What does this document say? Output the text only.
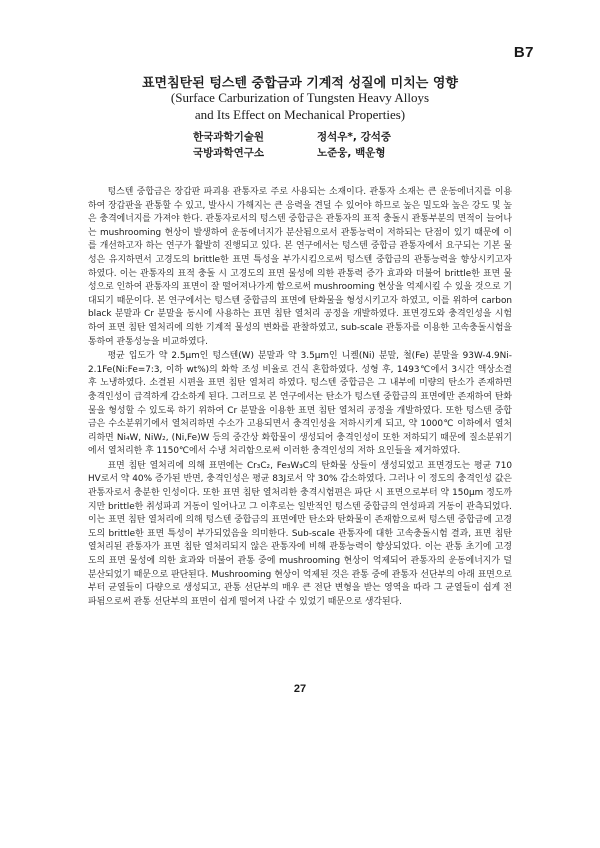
B7
표면침탄된 텅스텐 중합금과 기계적 성질에 미치는 영향
(Surface Carburization of Tungsten Heavy Alloys
and Its Effect on Mechanical Properties)
한국과학기술원	정석우*, 강석중
국방과학연구소	노준웅, 백운형

텅스텐 중합금은 장갑판 파괴용 관통자로 주로 사용되는 소재이다. 관통자 소재는 큰 운동에너지를 이용하여 장갑판을 관통할 수 있고, 발사시 가해지는 큰 응력을 견딜 수 있어야 하므로 높은 밀도와 높은 강도 및 높은 충격에너지를 가져야 한다. 관통자로서의 텅스텐 중합금은 관통자의 표적 충돌시 관통부분의 면적이 늘어나는 mushrooming 현상이 발생하여 운동에너지가 분산됨으로서 관통능력이 저하되는 단점이 있기 때문에 이를 개선하고자 하는 연구가 활발히 진행되고 있다. 본 연구에서는 텅스텐 중합금 관통자에서 요구되는 기본 물성은 유지하면서 고경도의 brittle한 표면 특성을 부가시킴으로써 텅스텐 중합금의 관통능력을 향상시키고자 하였다. 이는 관통자의 표적 충돌 시 고경도의 표면 물성에 의한 관통력 증가 효과와 더불어 brittle한 표면 물성으로 인하여 관통자의 표면이 잘 떨어져나가게 함으로써 mushrooming 현상을 억제시킬 수 있을 것으로 기대되기 때문이다. 본 연구에서는 텅스텐 중합금의 표면에 탄화물을 형성시키고자 하였고, 이를 위하여 carbon black 분말과 Cr 분말을 동시에 사용하는 표면 침탄 열처리 공정을 개발하였다. 표면경도와 충격인성을 시험하여 표면 침탄 열처리에 의한 기계적 물성의 변화를 관찰하였고, sub-scale 관통자를 이용한 고속충돌시험을 통하여 관통성능을 비교하였다.

평균 입도가 약 2.5μm인 텅스텐(W) 분말과 약 3.5μm인 니켈(Ni) 분말, 철(Fe) 분말을 93W-4.9Ni-2.1Fe(Ni:Fe=7:3, 이하 wt%)의 화학 조성 비율로 건식 혼합하였다. 성형 후, 1493℃에서 3시간 액상소결 후 노냉하였다. 소결된 시편을 표면 침탄 열처리 하였다. 텅스텐 중합금은 그 내부에 미량의 탄소가 존재하면 충격인성이 급격하게 감소하게 된다. 그러므로 본 연구에서는 탄소가 텅스텐 중합금의 표면에만 존재하여 탄화물을 형성할 수 있도록 하기 위하여 Cr 분말을 이용한 표면 침탄 열처리 공정을 개발하였다. 또한 텅스텐 중합금은 수소분위기에서 열처리하면 수소가 고용되면서 충격인성을 저하시키게 되고, 약 1000℃ 이하에서 열처리하면 Ni₄W, NiW₂, (Ni,Fe)W 등의 중간상 화합물이 생성되어 충격인성이 또한 저하되기 때문에 질소분위기에서 열처리한 후 1150℃에서 수냉 처리함으로써 이러한 충격인성의 저하 요인들을 제거하였다.

표면 침탄 열처리에 의해 표면에는 Cr₃C₂, Fe₃W₃C의 탄화물 상들이 생성되었고 표면경도는 평균 710 HV로서 약 40% 증가된 반면, 충격인성은 평균 83J로서 약 30% 감소하였다. 그러나 이 정도의 충격인성 값은 관통자로서 충분한 인성이다. 또한 표면 침탄 열처리한 충격시험편은 파단 시 표면으로부터 약 150μm 정도까지만 brittle한 취성파괴 거동이 일어나고 그 이후로는 일반적인 텅스텐 중합금의 연성파괴 거동이 관측되었다. 이는 표면 침탄 열처리에 의해 텅스텐 중합금의 표면에만 탄소와 탄화물이 존재함으로써 텅스텐 중합금에 고경도의 brittle한 표면 특성이 부가되었음을 의미한다. Sub-scale 관통자에 대한 고속충돌시험 결과, 표면 침탄 열처리된 관통자가 표면 침탄 열처리되지 않은 관통자에 비해 관통능력이 향상되었다. 이는 관통 초기에 고경도의 표면 물성에 의한 효과와 더불어 관통 중에 mushrooming 현상이 억제되어 관통자의 운동에너지가 덜 분산되었기 때문으로 판단된다. Mushrooming 현상이 억제된 것은 관통 중에 관통자 선단부의 아래 표면으로부터 균열들이 다량으로 생성되고, 관통 선단부의 매우 큰 전단 변형을 받는 영역을 따라 그 균열들이 쉽게 전파됨으로써 관통 선단부의 표면이 쉽게 떨어져 나갈 수 있었기 때문으로 생각된다.

27
